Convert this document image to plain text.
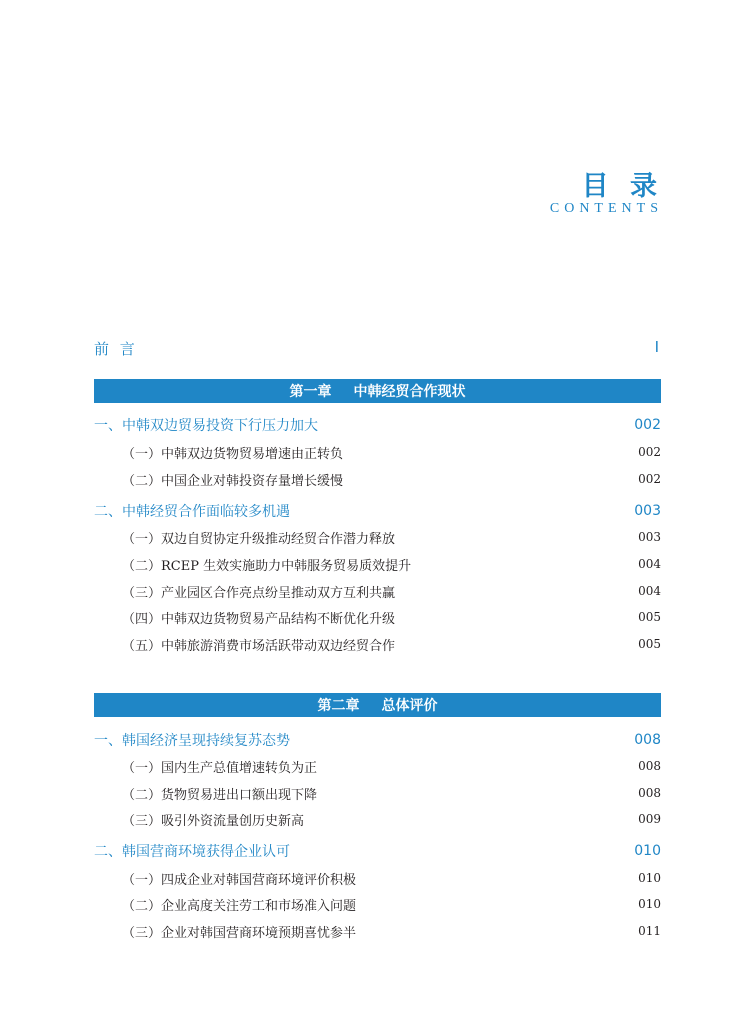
目 录
CONTENTS
前 言	I
第一章 中韩经贸合作现状
一、中韩双边贸易投资下行压力加大	002
（一）中韩双边货物贸易增速由正转负	002
（二）中国企业对韩投资存量增长缓慢	002
二、中韩经贸合作面临较多机遇	003
（一）双边自贸协定升级推动经贸合作潜力释放	003
（二）RCEP 生效实施助力中韩服务贸易质效提升	004
（三）产业园区合作亮点纷呈推动双方互利共赢	004
（四）中韩双边货物贸易产品结构不断优化升级	005
（五）中韩旅游消费市场活跃带动双边经贸合作	005
第二章 总体评价
一、韩国经济呈现持续复苏态势	008
（一）国内生产总值增速转负为正	008
（二）货物贸易进出口额出现下降	008
（三）吸引外资流量创历史新高	009
二、韩国营商环境获得企业认可	010
（一）四成企业对韩国营商环境评价积极	010
（二）企业高度关注劳工和市场准入问题	010
（三）企业对韩国营商环境预期喜忧参半	011
